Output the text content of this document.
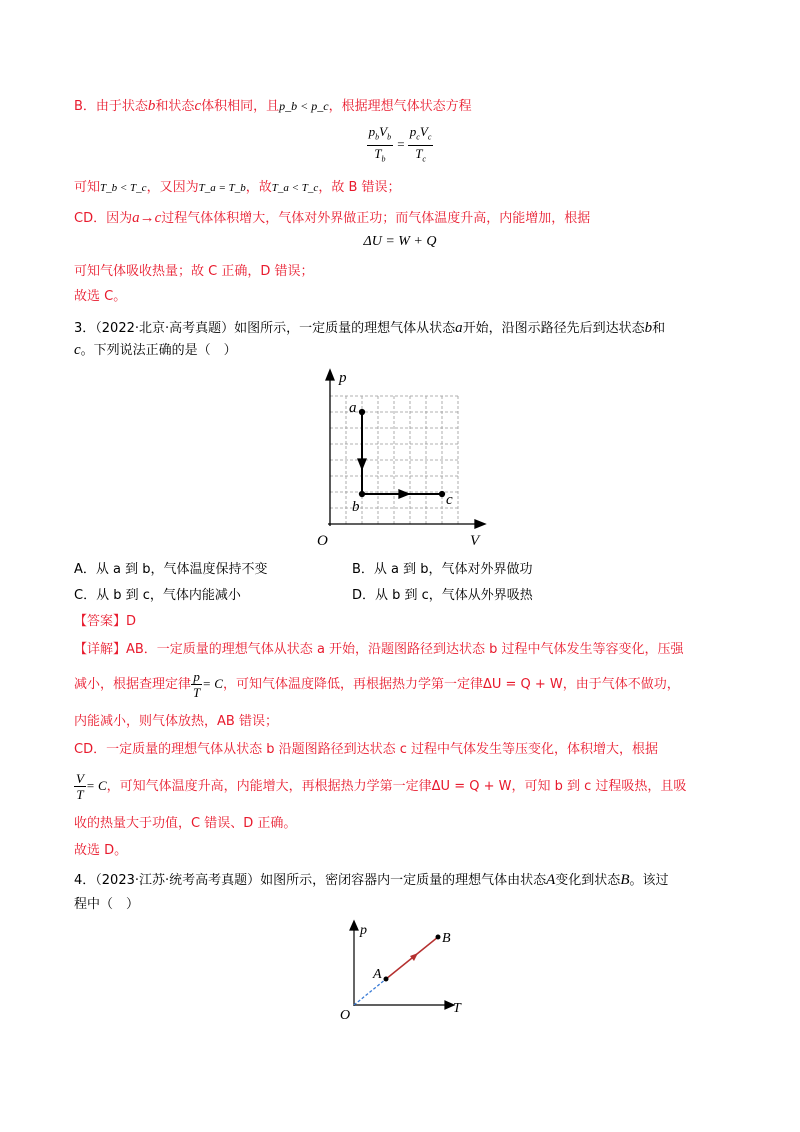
B．由于状态b和状态c体积相同，且p_b < p_c，根据理想气体状态方程
$\frac{p_bV_b}{T_b} = \frac{p_cV_c}{T_c}$
可知T_b < T_c，又因为T_a = T_b，故T_a < T_c，故 B 错误；
CD．因为a→c过程气体体积增大，气体对外界做正功；而气体温度升高，内能增加，根据
ΔU = W + Q
可知气体吸收热量；故 C 正确，D 错误；
故选 C。
3．（2022·北京·高考真题）如图所示，一定质量的理想气体从状态a开始，沿图示路径先后到达状态b和
c。下列说法正确的是（　）
p
V
O
a
b	c
A．从 a 到 b，气体温度保持不变	B．从 a 到 b，气体对外界做功
C．从 b 到 c，气体内能减小	D．从 b 到 c，气体从外界吸热
【答案】D
【详解】AB．一定质量的理想气体从状态 a 开始，沿题图路径到达状态 b 过程中气体发生等容变化，压强
减小，根据查理定律 $\frac{p}{T} = C$，可知气体温度降低，再根据热力学第一定律ΔU = Q + W，由于气体不做功，
内能减小，则气体放热，AB 错误；
CD．一定质量的理想气体从状态 b 沿题图路径到达状态 c 过程中气体发生等压变化，体积增大，根据
$\frac{V}{T} = C$，可知气体温度升高，内能增大，再根据热力学第一定律ΔU = Q + W，可知 b 到 c 过程吸热，且吸
收的热量大于功值，C 错误、D 正确。
故选 D。
4．（2023·江苏·统考高考真题）如图所示，密闭容器内一定质量的理想气体由状态A变化到状态B。该过
程中（　）
p
T
O
A
B
